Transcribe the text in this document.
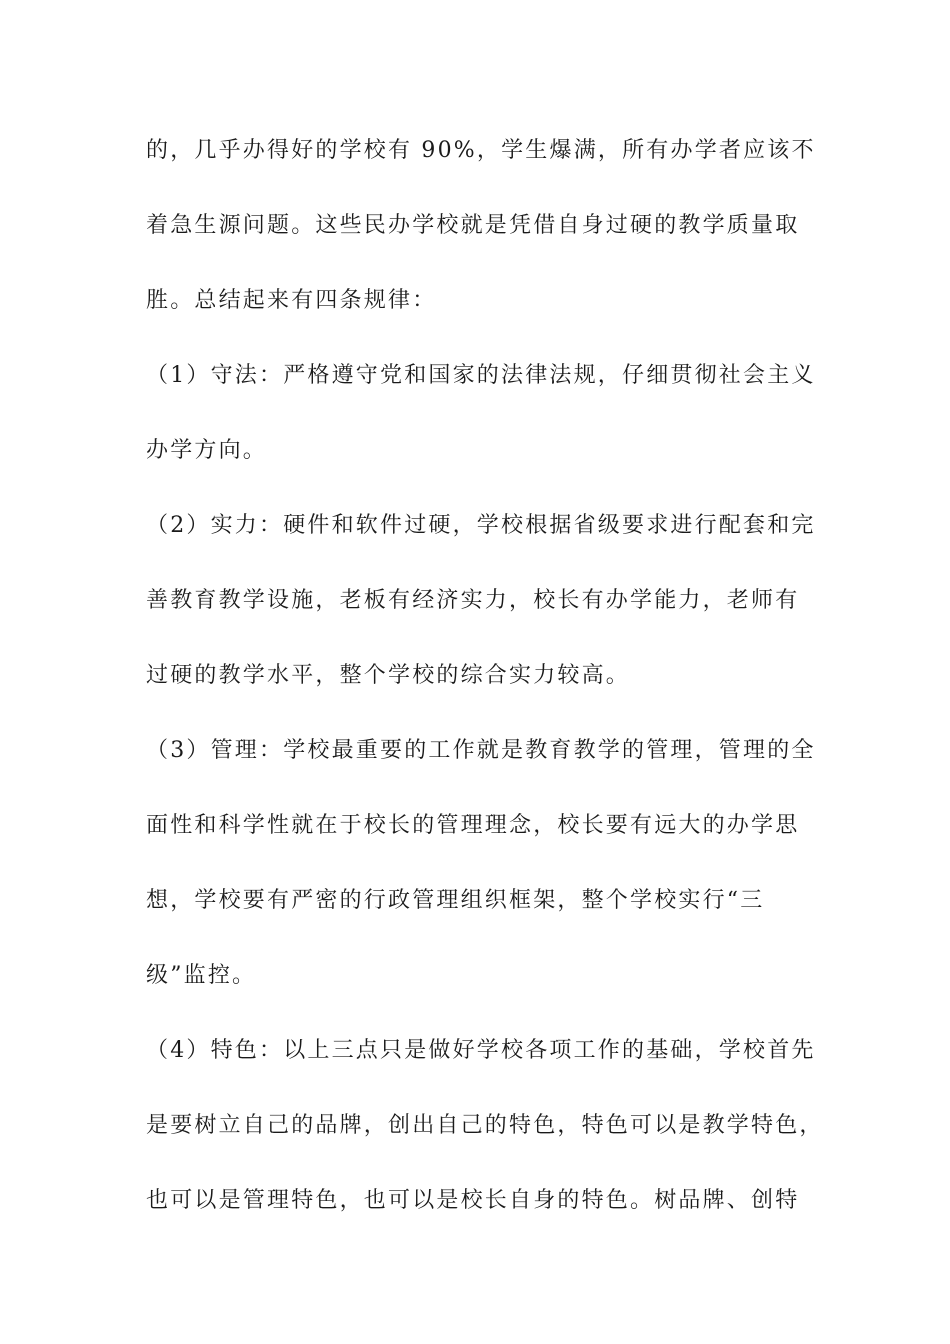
的，几乎办得好的学校有 90%，学生爆满，所有办学者应该不
着急生源问题。这些民办学校就是凭借自身过硬的教学质量取
胜。总结起来有四条规律：
（1）守法：严格遵守党和国家的法律法规，仔细贯彻社会主义
办学方向。
（2）实力：硬件和软件过硬，学校根据省级要求进行配套和完
善教育教学设施，老板有经济实力，校长有办学能力，老师有
过硬的教学水平，整个学校的综合实力较高。
（3）管理：学校最重要的工作就是教育教学的管理，管理的全
面性和科学性就在于校长的管理理念，校长要有远大的办学思
想，学校要有严密的行政管理组织框架，整个学校实行“三
级”监控。
（4）特色：以上三点只是做好学校各项工作的基础，学校首先
是要树立自己的品牌，创出自己的特色，特色可以是教学特色，
也可以是管理特色，也可以是校长自身的特色。树品牌、创特
